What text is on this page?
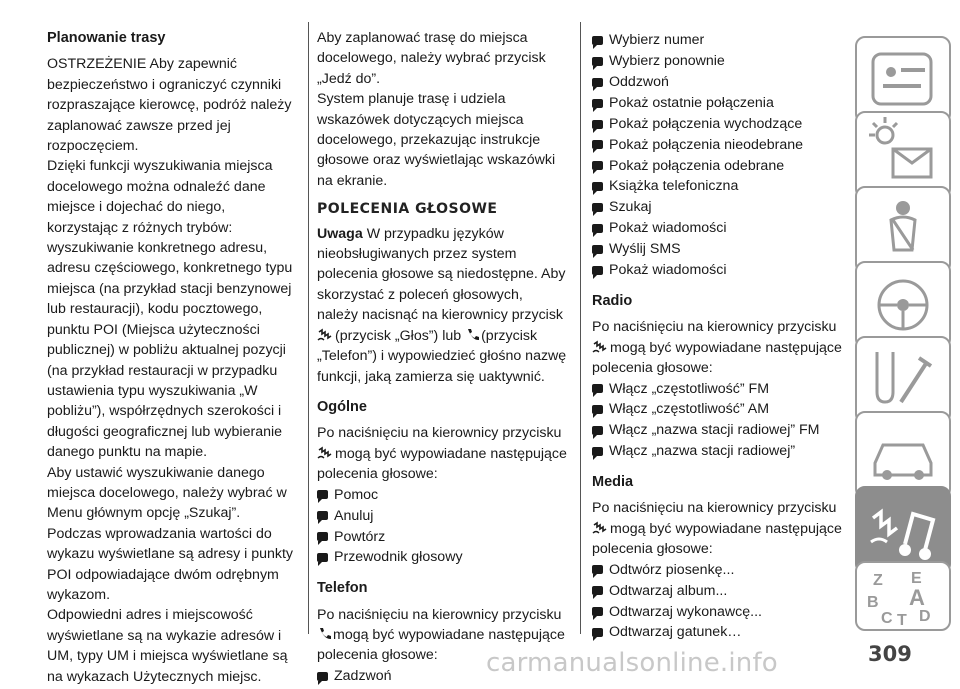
Planowanie trasy

OSTRZEŻENIE Aby zapewnić bezpieczeństwo i ograniczyć czynniki rozpraszające kierowcę, podróż należy zaplanować zawsze przed jej rozpoczęciem.

Dzięki funkcji wyszukiwania miejsca docelowego można odnaleźć dane miejsce i dojechać do niego, korzystając z różnych trybów: wyszukiwanie konkretnego adresu, adresu częściowego, konkretnego typu miejsca (na przykład stacji benzynowej lub restauracji), kodu pocztowego, punktu POI (Miejsca użyteczności publicznej) w pobliżu aktualnej pozycji (na przykład restauracji w przypadku ustawienia typu wyszukiwania „W pobliżu”), współrzędnych szerokości i długości geograficznej lub wybieranie danego punktu na mapie.

Aby ustawić wyszukiwanie danego miejsca docelowego, należy wybrać w Menu głównym opcję „Szukaj”.

Podczas wprowadzania wartości do wykazu wyświetlane są adresy i punkty POI odpowiadające dwóm odrębnym wykazom.

Odpowiedni adres i miejscowość wyświetlane są na wykazie adresów i UM, typy UM i miejsca wyświetlane są na wykazach Użytecznych miejsc.

Aby zaplanować trasę do miejsca docelowego, należy wybrać przycisk „Jedź do”.

System planuje trasę i udziela wskazówek dotyczących miejsca docelowego, przekazując instrukcje głosowe oraz wyświetlając wskazówki na ekranie.

POLECENIA GŁOSOWE

Uwaga W przypadku języków nieobsługiwanych przez system polecenia głosowe są niedostępne. Aby skorzystać z poleceń głosowych, należy nacisnąć na kierownicy przycisk (przycisk „Głos”) lub (przycisk „Telefon”) i wypowiedzieć głośno nazwę funkcji, jaką zamierza się uaktywnić.

Ogólne

Po naciśnięciu na kierownicy przycisku mogą być wypowiadane następujące polecenia głosowe:

Pomoc
Anuluj
Powtórz
Przewodnik głosowy

Telefon

Po naciśnięciu na kierownicy przycisku mogą być wypowiadane następujące polecenia głosowe:

Zadzwoń
Wybierz numer
Wybierz ponownie
Oddzwoń
Pokaż ostatnie połączenia
Pokaż połączenia wychodzące
Pokaż połączenia nieodebrane
Pokaż połączenia odebrane
Książka telefoniczna
Szukaj
Pokaż wiadomości
Wyślij SMS
Pokaż wiadomości

Radio

Po naciśnięciu na kierownicy przycisku mogą być wypowiadane następujące polecenia głosowe:

Włącz „częstotliwość” FM
Włącz „częstotliwość” AM
Włącz „nazwa stacji radiowej” FM
Włącz „nazwa stacji radiowej”

Media

Po naciśnięciu na kierownicy przycisku mogą być wypowiadane następujące polecenia głosowe:

Odtwórz piosenkę...
Odtwarzaj album...
Odtwarzaj wykonawcę...
Odtwarzaj gatunek…
Z E
B A
C T D
carmanualsonline.info	309
